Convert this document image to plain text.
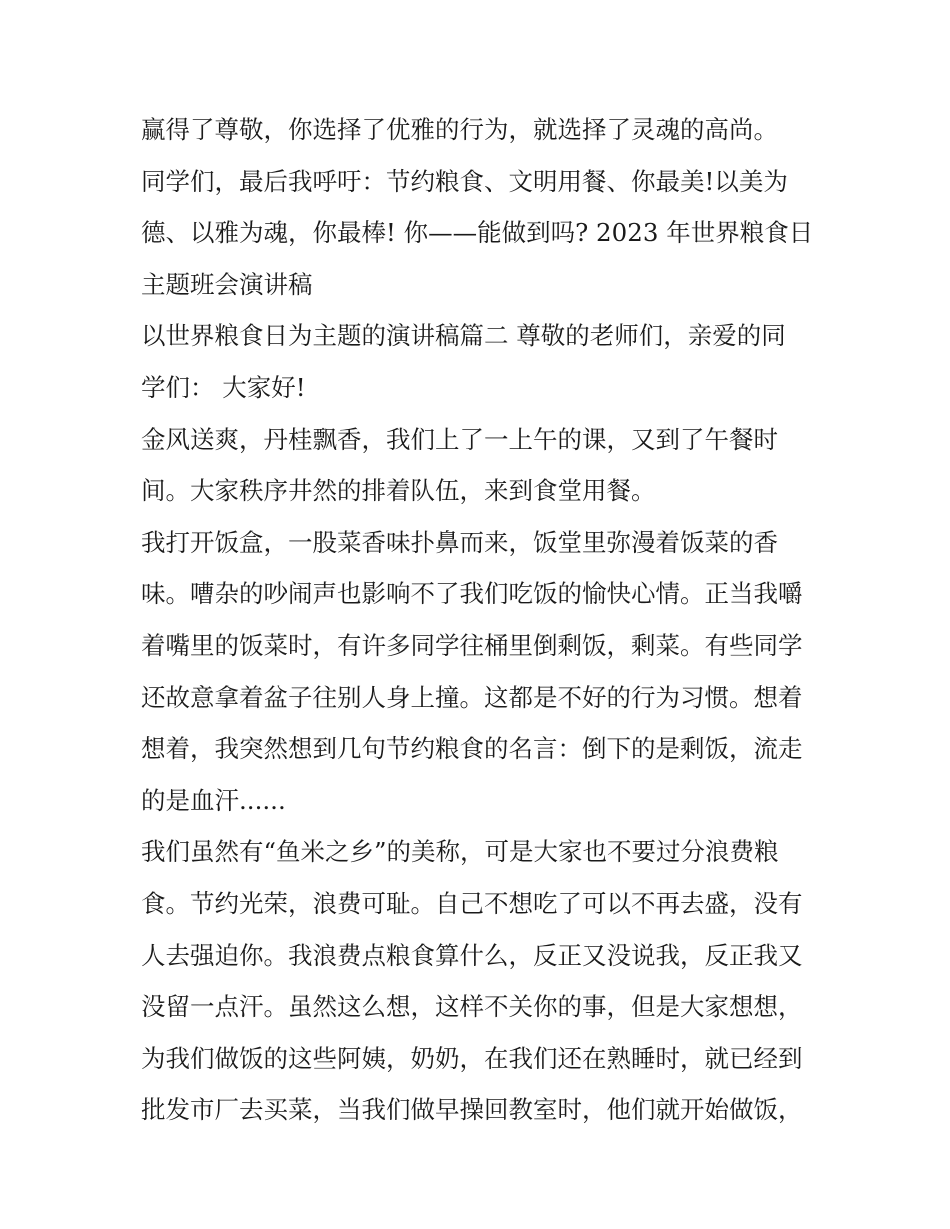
赢得了尊敬，你选择了优雅的行为，就选择了灵魂的高尚。
同学们，最后我呼吁：节约粮食、文明用餐、你最美!以美为
德、以雅为魂，你最棒! 你——能做到吗? 2023 年世界粮食日
主题班会演讲稿
以世界粮食日为主题的演讲稿篇二 尊敬的老师们，亲爱的同
学们： 大家好!
金风送爽，丹桂飘香，我们上了一上午的课，又到了午餐时
间。大家秩序井然的排着队伍，来到食堂用餐。
我打开饭盒，一股菜香味扑鼻而来，饭堂里弥漫着饭菜的香
味。嘈杂的吵闹声也影响不了我们吃饭的愉快心情。正当我嚼
着嘴里的饭菜时，有许多同学往桶里倒剩饭，剩菜。有些同学
还故意拿着盆子往别人身上撞。这都是不好的行为习惯。想着
想着，我突然想到几句节约粮食的名言：倒下的是剩饭，流走
的是血汗......
我们虽然有“鱼米之乡”的美称，可是大家也不要过分浪费粮
食。节约光荣，浪费可耻。自己不想吃了可以不再去盛，没有
人去强迫你。我浪费点粮食算什么，反正又没说我，反正我又
没留一点汗。虽然这么想，这样不关你的事，但是大家想想，
为我们做饭的这些阿姨，奶奶，在我们还在熟睡时，就已经到
批发市厂去买菜，当我们做早操回教室时，他们就开始做饭，
